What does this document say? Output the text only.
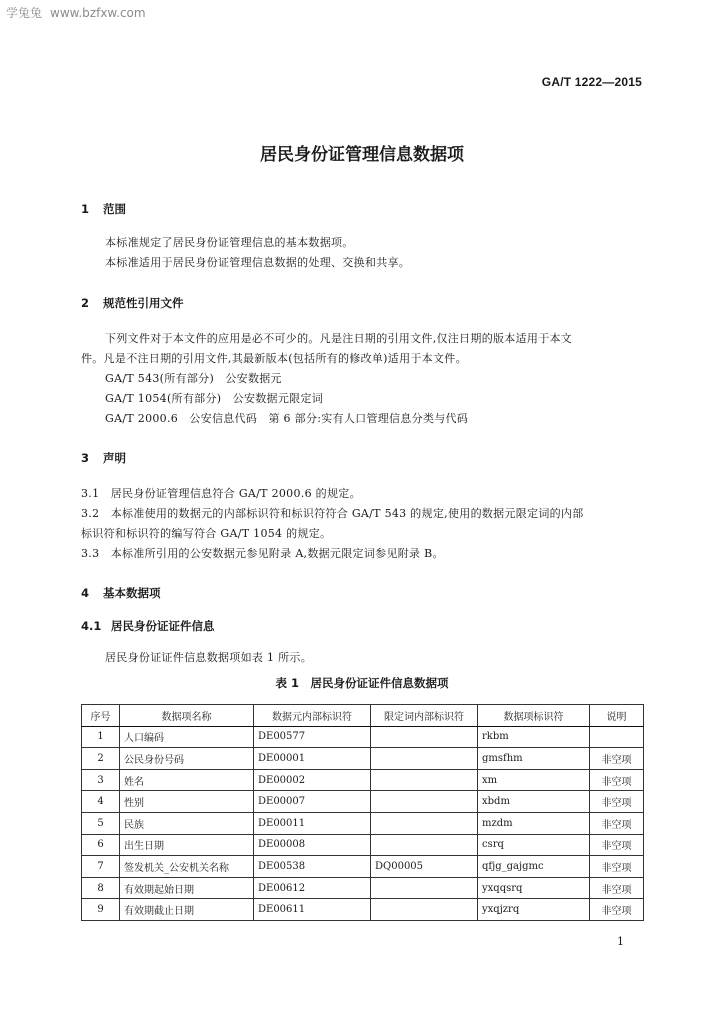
学兔兔 www.bzfxw.com
GA/T 1222—2015
居民身份证管理信息数据项
1 范围
本标准规定了居民身份证管理信息的基本数据项。
本标准适用于居民身份证管理信息数据的处理、交换和共享。
2 规范性引用文件
下列文件对于本文件的应用是必不可少的。凡是注日期的引用文件,仅注日期的版本适用于本文
件。凡是不注日期的引用文件,其最新版本(包括所有的修改单)适用于本文件。
GA/T 543(所有部分)　公安数据元
GA/T 1054(所有部分)　公安数据元限定词
GA/T 2000.6　公安信息代码　第 6 部分:实有人口管理信息分类与代码
3 声明
3.1　 居民身份证管理信息符合 GA/T 2000.6 的规定。
3.2　 本标准使用的数据元的内部标识符和标识符符合 GA/T 543 的规定,使用的数据元限定词的内部
标识符和标识符的编写符合 GA/T 1054 的规定。
3.3　 本标准所引用的公安数据元参见附录 A,数据元限定词参见附录 B。
4 基本数据项
4.1 居民身份证证件信息
居民身份证证件信息数据项如表 1 所示。
表 1　居民身份证证件信息数据项
序号	数据项名称	数据元内部标识符	限定词内部标识符	数据项标识符	说明
1	人口编码	DE00577		rkbm	
2	公民身份号码	DE00001		gmsfhm	非空项
3	姓名	DE00002		xm	非空项
4	性别	DE00007		xbdm	非空项
5	民族	DE00011		mzdm	非空项
6	出生日期	DE00008		csrq	非空项
7	签发机关_公安机关名称	DE00538	DQ00005	qfjg_gajgmc	非空项
8	有效期起始日期	DE00612		yxqqsrq	非空项
9	有效期截止日期	DE00611		yxqjzrq	非空项
1
